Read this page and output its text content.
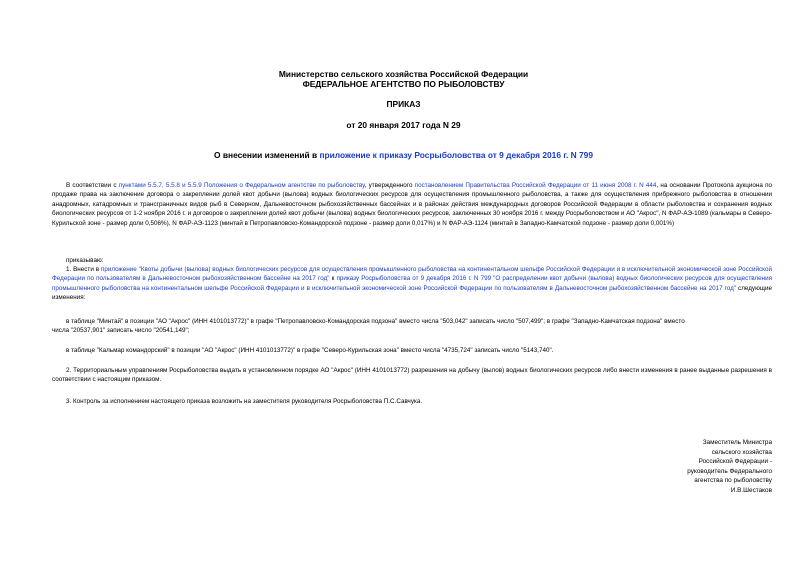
Министерство сельского хозяйства Российской Федерации
ФЕДЕРАЛЬНОЕ АГЕНТСТВО ПО РЫБОЛОВСТВУ
ПРИКАЗ
от 20 января 2017 года N 29
О внесении изменений в приложение к приказу Росрыболовства от 9 декабря 2016 г. N 799
В соответствии с пунктами 5.5.7, 5.5.8 и 5.5.9 Положения о Федеральном агентстве по рыболовству, утвержденного постановлением Правительства Российской Федерации от 11 июня 2008 г. N 444, на основании Протокола аукциона по продаже права на заключение договора о закреплении долей квот добычи (вылова) водных биологических ресурсов для осуществления промышленного рыболовства, а также для осуществления прибрежного рыболовства в отношении анадромных, катадромных и трансграничных видов рыб в Северном, Дальневосточном рыбохозяйственных бассейнах и в районах действия международных договоров Российской Федерации в области рыболовства и сохранения водных биологических ресурсов от 1-2 ноября 2016 г. и договоров о закреплении долей квот добычи (вылова) водных биологических ресурсов, заключенных 30 ноября 2016 г. между Росрыболовством и АО "Акрос", N ФАР-АЭ-1089 (кальмары в Северо-Курильской зоне - размер доли 0,506%), N ФАР-АЭ-1123 (минтай в Петропавловско-Командорской подзоне - размер доли 0,017%) и N ФАР-АЭ-1124 (минтай в Западно-Камчатской подзоне - размер доли 0,001%)
приказываю:
1. Внести в приложение "Квоты добычи (вылова) водных биологических ресурсов для осуществления промышленного рыболовства на континентальном шельфе Российской Федерации и в исключительной экономической зоне Российской Федерации по пользователям в Дальневосточном рыбохозяйственном бассейне на 2017 год" к приказу Росрыболовства от 9 декабря 2016 г. N 799 "О распределении квот добычи (вылова) водных биологических ресурсов для осуществления промышленного рыболовства на континентальном шельфе Российской Федерации и в исключительной экономической зоне Российской Федерации по пользователям в Дальневосточном рыбохозяйственном бассейне на 2017 год" следующие изменения:
в таблице "Минтай" в позиции "АО "Акрос" (ИНН 4101013772)" в графе "Петропавловско-Командорская подзона" вместо числа "503,042" записать число "507,499"; в графе "Западно-Камчатская подзона" вместо
числа "20537,901" записать число "20541,149";
в таблице "Кальмар командорский" в позиции "АО "Акрос" (ИНН 4101013772)" в графе "Северо-Курильская зона" вместо числа "4735,724" записать число "5143,740".
2. Территориальным управлениям Росрыболовства выдать в установленном порядке АО "Акрос" (ИНН 4101013772) разрешения на добычу (вылов) водных биологических ресурсов либо внести изменения в ранее выданные разрешения в соответствии с настоящим приказом.
3. Контроль за исполнением настоящего приказа возложить на заместителя руководителя Росрыболовства П.С.Савчука.
Заместитель Министра
сельского хозяйства
Российской Федерации -
руководитель Федерального
агентства по рыболовству
И.В.Шестаков
